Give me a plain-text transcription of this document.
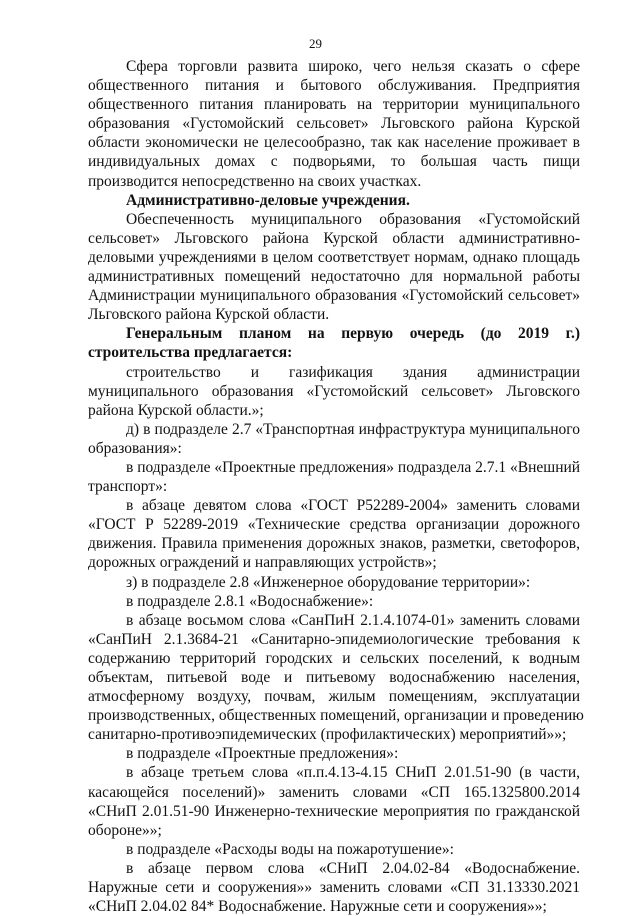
29
Сфера торговли развита широко, чего нельзя сказать о сфере
общественного питания и бытового обслуживания. Предприятия
общественного питания планировать на территории муниципального
образования «Густомойский сельсовет» Льговского района Курской
области экономически не целесообразно, так как население проживает в
индивидуальных домах с подворьями, то большая часть пищи
производится непосредственно на своих участках.
Административно-деловые учреждения.
Обеспеченность муниципального образования «Густомойский
сельсовет» Льговского района Курской области административно-
деловыми учреждениями в целом соответствует нормам, однако площадь
административных помещений недостаточно для нормальной работы
Администрации муниципального образования «Густомойский сельсовет»
Льговского района Курской области.
Генеральным планом на первую очередь (до 2019 г.)
строительства предлагается:
строительство и газификация здания администрации
муниципального образования «Густомойский сельсовет» Льговского
района Курской области.»;
д) в подразделе 2.7 «Транспортная инфраструктура муниципального
образования»:
в подразделе «Проектные предложения» подразделa 2.7.1 «Внешний
транспорт»:
в абзаце девятом слова «ГОСТ Р52289-2004» заменить словами
«ГОСТ Р 52289-2019 «Технические средства организации дорожного
движения. Правила применения дорожных знаков, разметки, светофоров,
дорожных ограждений и направляющих устройств»;
з) в подразделе 2.8 «Инженерное оборудование территории»:
в подразделе 2.8.1 «Водоснабжение»:
в абзаце восьмом слова «СанПиН 2.1.4.1074-01» заменить словами
«СанПиН 2.1.3684-21 «Санитарно-эпидемиологические требования к
содержанию территорий городских и сельских поселений, к водным
объектам, питьевой воде и питьевому водоснабжению населения,
атмосферному воздуху, почвам, жилым помещениям, эксплуатации
производственных, общественных помещений, организации и проведению
санитарно-противоэпидемических (профилактических) мероприятий»»;
в подразделе «Проектные предложения»:
в абзаце третьем слова «п.п.4.13-4.15 СНиП 2.01.51-90 (в части,
касающейся поселений)» заменить словами «СП 165.1325800.2014
«СНиП 2.01.51-90 Инженерно-технические мероприятия по гражданской
обороне»»;
в подразделе «Расходы воды на пожаротушение»:
в абзаце первом слова «СНиП 2.04.02-84 «Водоснабжение.
Наружные сети и сооружения»» заменить словами «СП 31.13330.2021
«СНиП 2.04.02 84* Водоснабжение. Наружные сети и сооружения»»;
